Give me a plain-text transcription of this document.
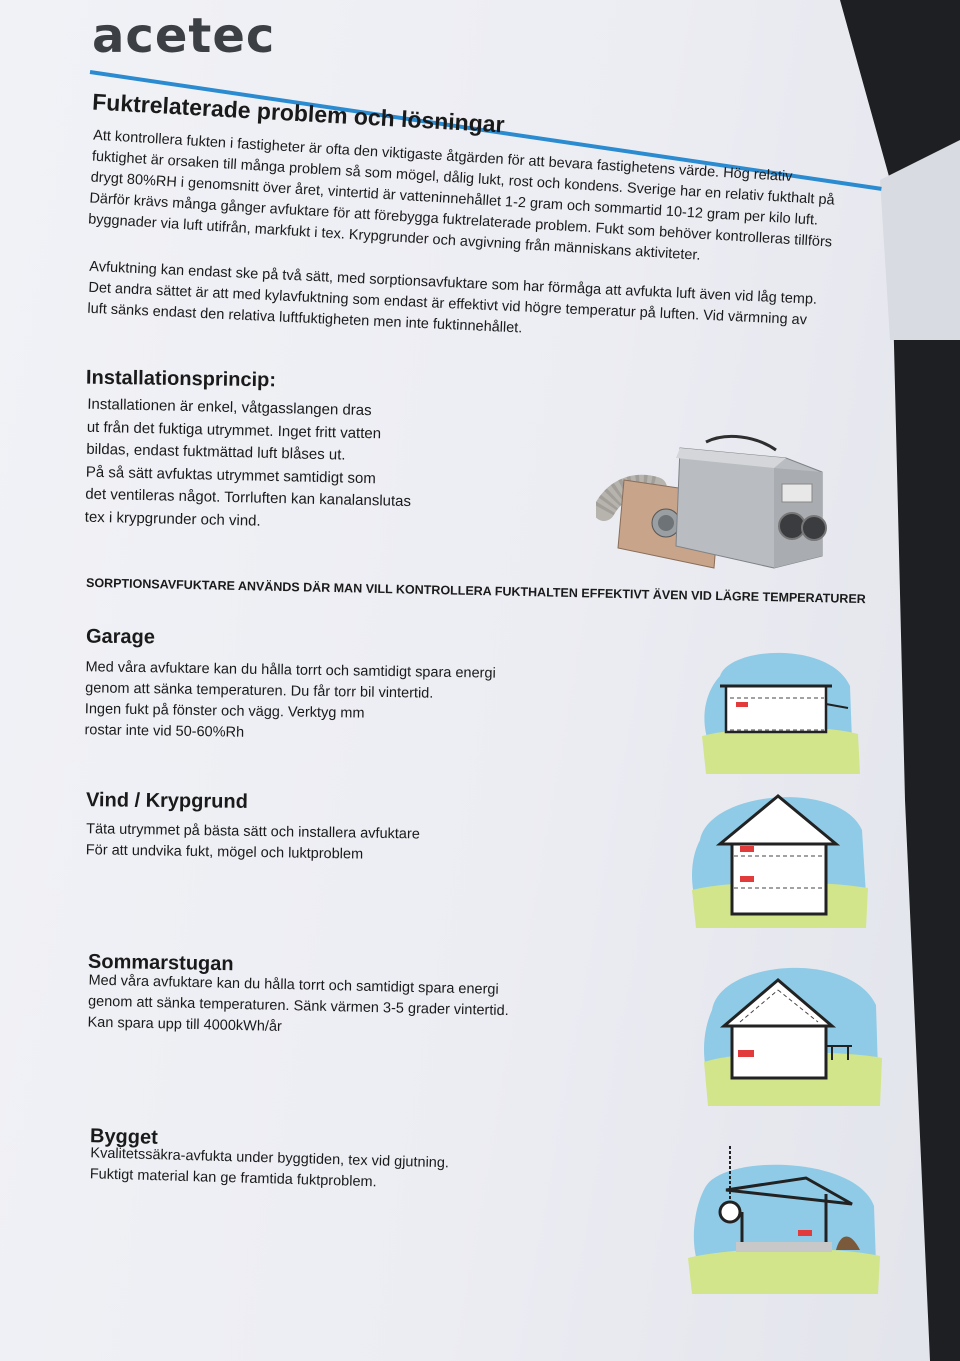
acetec
Fuktrelaterade problem och lösningar
Att kontrollera fukten i fastigheter är ofta den viktigaste åtgärden för att bevara fastighetens värde. Hög relativ
fuktighet är orsaken till många problem så som mögel, dålig lukt, rost och kondens. Sverige har en relativ fukthalt på
drygt 80%RH i genomsnitt över året, vintertid är vatteninnehållet 1-2 gram och sommartid 10-12 gram per kilo luft.
Därför krävs många gånger avfuktare för att förebygga fuktrelaterade problem. Fukt som behöver kontrolleras tillförs
byggnader via luft utifrån, markfukt i tex. Krypgrunder och avgivning från människans aktiviteter.
Avfuktning kan endast ske på två sätt, med sorptionsavfuktare som har förmåga att avfukta luft även vid låg temp.
Det andra sättet är att med kylavfuktning som endast är effektivt vid högre temperatur på luften. Vid värmning av
luft sänks endast den relativa luftfuktigheten men inte fuktinnehållet.
Installationsprincip:
Installationen är enkel, våtgasslangen dras
ut från det fuktiga utrymmet. Inget fritt vatten
bildas, endast fuktmättad luft blåses ut.
På så sätt avfuktas utrymmet samtidigt som
det ventileras något. Torrluften kan kanalanslutas
tex i krypgrunder och vind.
SORPTIONSAVFUKTARE ANVÄNDS DÄR MAN VILL KONTROLLERA FUKTHALTEN EFFEKTIVT ÄVEN VID LÄGRE TEMPERATURER
Garage
Med våra avfuktare kan du hålla torrt och samtidigt spara energi
genom att sänka temperaturen. Du får torr bil vintertid.
Ingen fukt på fönster och vägg. Verktyg mm
rostar inte vid 50-60%Rh
Vind / Krypgrund
Täta utrymmet på bästa sätt och installera avfuktare
För att undvika fukt, mögel och luktproblem
Sommarstugan
Med våra avfuktare kan du hålla torrt och samtidigt spara energi
genom att sänka temperaturen. Sänk värmen 3-5 grader vintertid.
Kan spara upp till 4000kWh/år
Bygget
Kvalitetssäkra-avfukta under byggtiden, tex vid gjutning.
Fuktigt material kan ge framtida fuktproblem.
